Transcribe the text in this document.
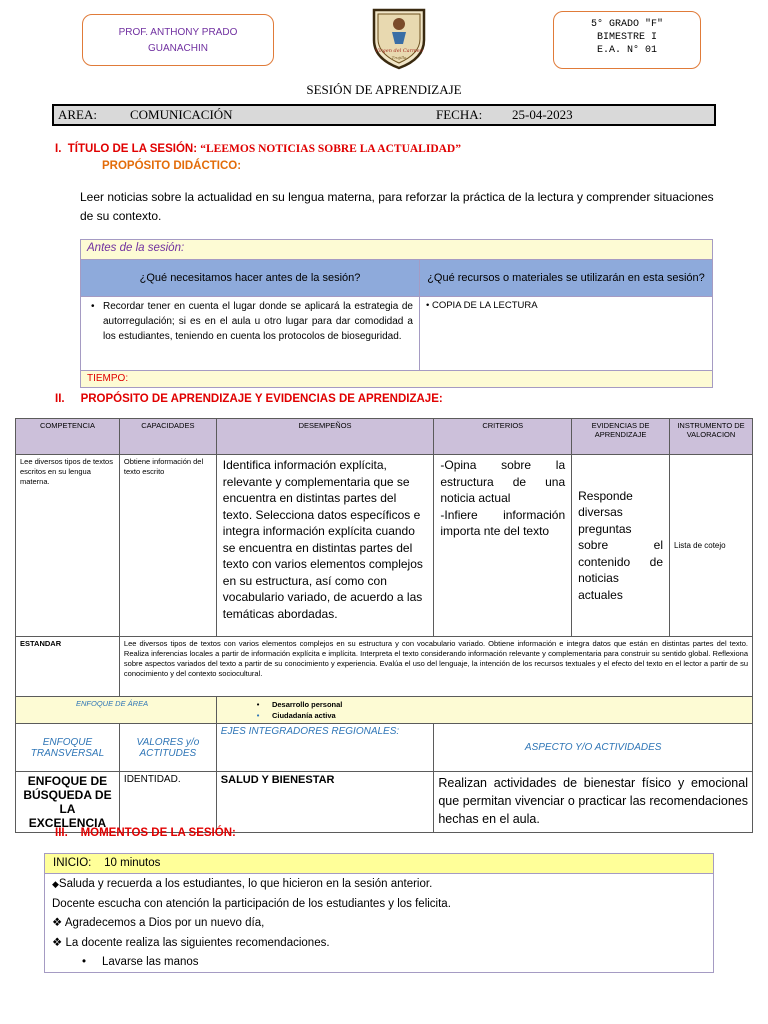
PROF. ANTHONY PRADO
GUANACHIN	Virgen del Carmen
Trujillo
5° GRADO "F"
BIMESTRE I
E.A. N° 01
SESIÓN DE APRENDIZAJE
AREA:	COMUNICACIÓN	FECHA: 25-04-2023
I. TÍTULO DE LA SESIÓN: “LEEMOS NOTICIAS SOBRE LA ACTUALIDAD”
PROPÓSITO DIDÁCTICO:
Leer noticias sobre la actualidad en su lengua materna, para reforzar la práctica de la lectura y comprender situaciones de su contexto.
Antes de la sesión:	
¿Qué necesitamos hacer antes de la sesión?	¿Qué recursos o materiales se utilizarán en esta sesión?

• Recordar tener en cuenta el lugar donde se aplicará la estrategia de autorregulación; si es en el aula u otro lugar para dar comodidad a los estudiantes, teniendo en cuenta los protocolos de bioseguridad.	• COPIA DE LA LECTURA
TIEMPO:	
II. PROPÓSITO DE APRENDIZAJE Y EVIDENCIAS DE APRENDIZAJE:
COMPETENCIA	CAPACIDADES	DESEMPEÑOS	CRITERIOS	EVIDENCIAS DE APRENDIZAJE	INSTRUMENTO DE VALORACION
Lee diversos tipos de textos escritos en su lengua materna.	Obtiene información del texto escrito	Identifica información explícita, relevante y complementaria que se encuentra en distintas partes del texto. Selecciona datos específicos e integra información explícita cuando se encuentra en distintas partes del texto con varios elementos complejos en su estructura, así como con vocabulario variado, de acuerdo a las temáticas abordadas.	-Opina sobre la estructura de una noticia actual
-Infiere información importa nte del texto	Responde diversas preguntas sobre el contenido de noticias actuales	Lista de cotejo
ESTANDAR	Lee diversos tipos de textos con varios elementos complejos en su estructura y con vocabulario variado. Obtiene información e integra datos que están en distintas partes del texto. Realiza inferencias locales a partir de información explícita e implícita. Interpreta el texto considerando información relevante y complementaria para construir su sentido global. Reflexiona sobre aspectos variados del texto a partir de su conocimiento y experiencia. Evalúa el uso del lenguaje, la intención de los recursos textuales y el efecto del texto en el lector a partir de su conocimiento y del contexto sociocultural.				
ENFOQUE DE ÁREA		• Desarrollo personal
• Ciudadanía activa			

ENFOQUE TRANSVERSAL	VALORES y/o ACTITUDES	EJES INTEGRADORES REGIONALES:	ASPECTO Y/O ACTIVIDADES		
ENFOQUE DE BÚSQUEDA DE LA EXCELENCIA	IDENTIDAD.	SALUD Y BIENESTAR	Realizan actividades de bienestar físico y emocional que permitan vivenciar o practicar las recomendaciones hechas en el aula.		
III. MOMENTOS DE LA SESIÓN:
INICIO: 10 minutos
◆Saluda y recuerda a los estudiantes, lo que hicieron en la sesión anterior.
Docente escucha con atención la participación de los estudiantes y los felicita.
❖ Agradecemos a Dios por un nuevo día,
❖ La docente realiza las siguientes recomendaciones.
• Lavarse las manos
